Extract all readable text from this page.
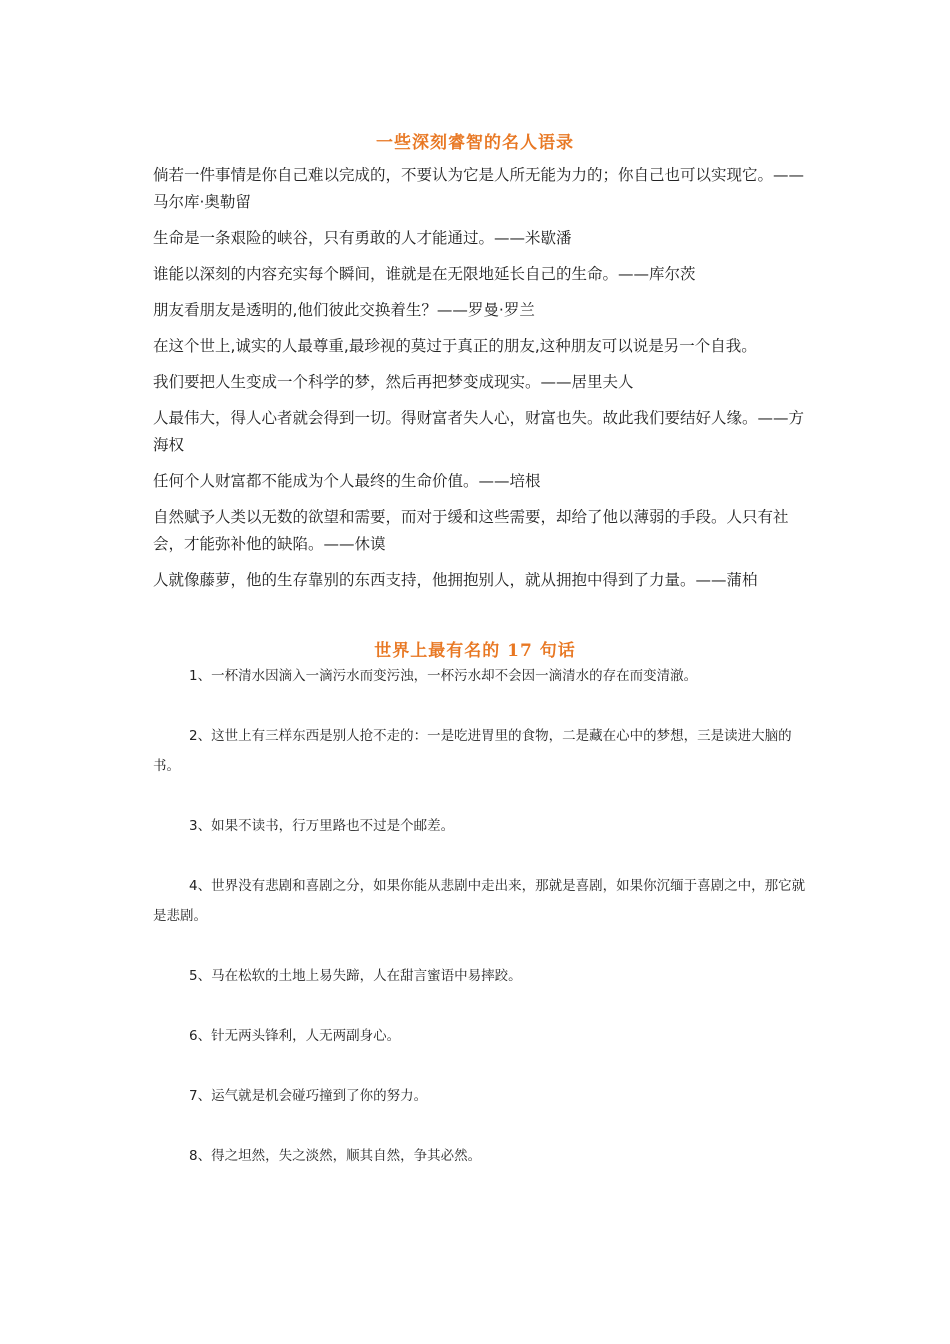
一些深刻睿智的名人语录

倘若一件事情是你自己难以完成的，不要认为它是人所无能为力的；你自己也可以实现它。——马尔库·奥勒留

生命是一条艰险的峡谷，只有勇敢的人才能通过。——米歇潘

谁能以深刻的内容充实每个瞬间，谁就是在无限地延长自己的生命。——库尔茨

朋友看朋友是透明的,他们彼此交换着生？——罗曼·罗兰

在这个世上,诚实的人最尊重,最珍视的莫过于真正的朋友,这种朋友可以说是另一个自我。

我们要把人生变成一个科学的梦，然后再把梦变成现实。——居里夫人

人最伟大，得人心者就会得到一切。得财富者失人心，财富也失。故此我们要结好人缘。——方海权

任何个人财富都不能成为个人最终的生命价值。——培根

自然赋予人类以无数的欲望和需要，而对于缓和这些需要，却给了他以薄弱的手段。人只有社会，才能弥补他的缺陷。——休谟

人就像藤萝，他的生存靠别的东西支持，他拥抱别人，就从拥抱中得到了力量。——蒲柏

世界上最有名的 17 句话

1、一杯清水因滴入一滴污水而变污浊，一杯污水却不会因一滴清水的存在而变清澈。

2、这世上有三样东西是别人抢不走的：一是吃进胃里的食物，二是藏在心中的梦想，三是读进大脑的书。

3、如果不读书，行万里路也不过是个邮差。

4、世界没有悲剧和喜剧之分，如果你能从悲剧中走出来，那就是喜剧，如果你沉缅于喜剧之中，那它就是悲剧。

5、马在松软的土地上易失蹄，人在甜言蜜语中易摔跤。

6、针无两头锋利，人无两副身心。

7、运气就是机会碰巧撞到了你的努力。

8、得之坦然，失之淡然，顺其自然，争其必然。
